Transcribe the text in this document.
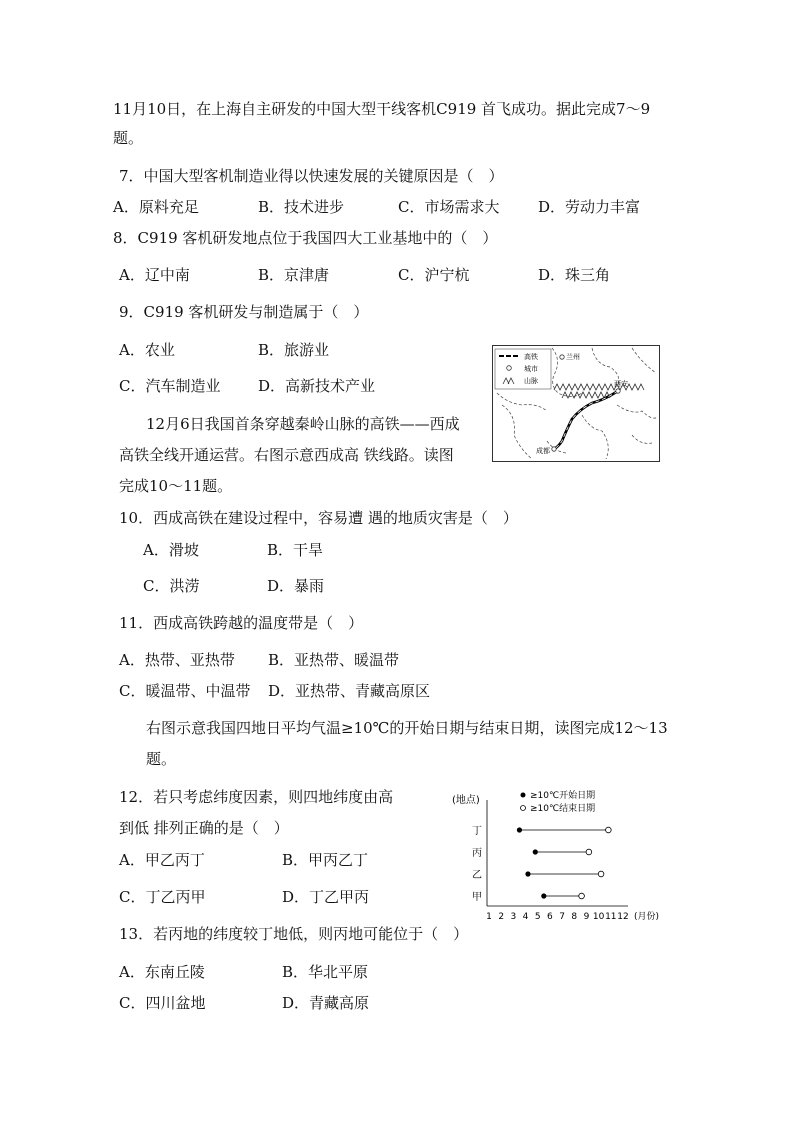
11月10日，在上海自主研发的中国大型干线客机C919 首飞成功。据此完成7～9
题。
7．中国大型客机制造业得以快速发展的关键原因是（　）
A．原料充足	B．技术进步	C．市场需求大	D．劳动力丰富
8．C919 客机研发地点位于我国四大工业基地中的（　）
A．辽中南	B．京津唐	C．沪宁杭	D．珠三角
9．C919 客机研发与制造属于（　）
A．农业	B．旅游业
C．汽车制造业	D．高新技术产业
高铁
城市
山脉
兰州
西安
成都
12月6日我国首条穿越秦岭山脉的高铁——西成
高铁全线开通运营。右图示意西成高 铁线路。读图
完成10～11题。
10．西成高铁在建设过程中，容易遭 遇的地质灾害是（　）
A．滑坡	B．干旱
C．洪涝	D．暴雨
11．西成高铁跨越的温度带是（　）
A．热带、亚热带 B．亚热带、暖温带
C．暖温带、中温带 D．亚热带、青藏高原区
右图示意我国四地日平均气温≥10℃的开始日期与结束日期，读图完成12～13
题。
12．若只考虑纬度因素，则四地纬度由高
到低 排列正确的是（　）
A．甲乙丙丁	B．甲丙乙丁
C．丁乙丙甲	D．丁乙甲丙
(地点)	≥10℃开始日期
≥10℃结束日期
丁
丙
乙
甲
1 2 3 4 5 6 7 8 9 10 11 12 (月份)
13．若丙地的纬度较丁地低，则丙地可能位于（　）
A．东南丘陵	B．华北平原
C．四川盆地	D．青藏高原
